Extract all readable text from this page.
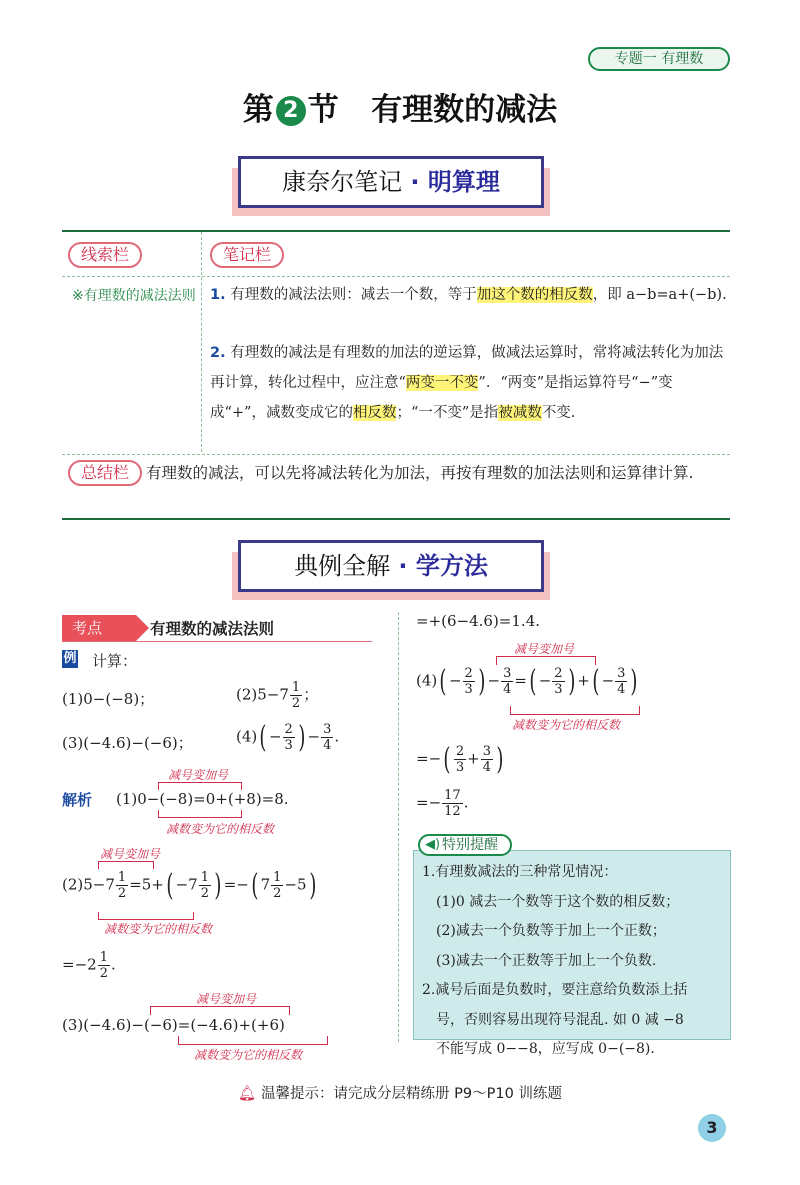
专题一 有理数
第 2 节 有理数的减法
康奈尔笔记 · 明算理
线索栏	笔记栏
※有理数的减法法则 1. 有理数的减法法则：减去一个数，等于加这个数的相反数，即 a−b=a+(−b).
2. 有理数的减法是有理数的加法的逆运算，做减法运算时，常将减法转化为加法再计算，转化过程中，应注意“两变一不变”．“两变”是指运算符号“−”变成“+”，减数变成它的相反数；“一不变”是指被减数不变.
总结栏	有理数的减法，可以先将减法转化为加法，再按有理数的加法法则和运算律计算.
典例全解 · 学方法
考点	有理数的减法法则
例 计算：
(1)0−(−8)；	$(2)5-7 \frac{1}{2}$ ；
(3)(−4.6)−(−6)；	$(4)( - \frac{2}{3}$ ) − $\frac{3}{4}$ .
解析
减号变加号
(1)0−(−8)=0+(+8)=8.
减数变为它的相反数
减号变加号
$(2)5-7 \frac{1}{2} =5+( -7 \frac{1}{2}$ ) =−( $7 \frac{1}{2} -5$)
减数变为它的相反数
$=-2 \frac{1}{2}$ .
减号变加号
(3)(−4.6)−(−6)=(−4.6)+(+6)
减数变为它的相反数
=+(6−4.6)=1.4.
减号变加号
$(4)( - \frac{2}{3}$ ) − $\frac{3}{4}$ =( − $\frac{2}{3}$ ) +( − $\frac{3}{4}$ )
减数变为它的相反数
=−( $\frac{2}{3} + \frac{3}{4}$ )
=− $\frac{17}{12}$ .
◀) 特别提醒
1.有理数减法的三种常见情况：
(1)0 减去一个数等于这个数的相反数；
(2)减去一个负数等于加上一个正数；
(3)减去一个正数等于加上一个负数.
2.减号后面是负数时，要注意给负数添上括
号，否则容易出现符号混乱. 如 0 减 −8
不能写成 0−−8，应写成 0−(−8).
🔔︎ 温馨提示：请完成分层精练册 P9～P10 训练题
3
